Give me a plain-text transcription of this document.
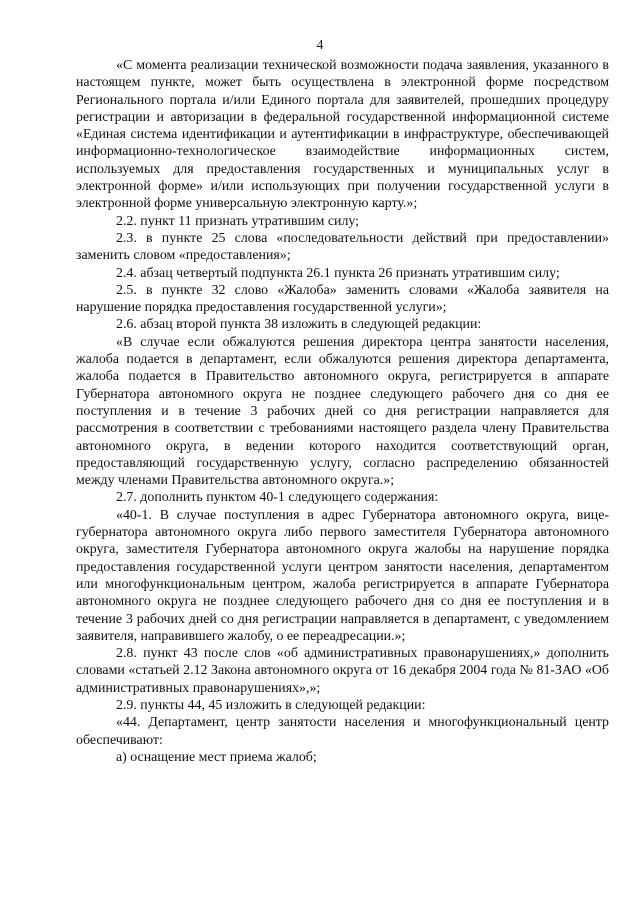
4

«С момента реализации технической возможности подача заявления, указанного в настоящем пункте, может быть осуществлена в электронной форме посредством Регионального портала и/или Единого портала для заявителей, прошедших процедуру регистрации и авторизации в федеральной государственной информационной системе «Единая система идентификации и аутентификации в инфраструктуре, обеспечивающей информационно-технологическое взаимодействие информационных систем, используемых для предоставления государственных и муниципальных услуг в электронной форме» и/или использующих при получении государственной услуги в электронной форме универсальную электронную карту.»;

2.2. пункт 11 признать утратившим силу;

2.3. в пункте 25 слова «последовательности действий при предоставлении» заменить словом «предоставления»;

2.4. абзац четвертый подпункта 26.1 пункта 26 признать утратившим силу;

2.5. в пункте 32 слово «Жалоба» заменить словами «Жалоба заявителя на нарушение порядка предоставления государственной услуги»;

2.6. абзац второй пункта 38 изложить в следующей редакции:

«В случае если обжалуются решения директора центра занятости населения, жалоба подается в департамент, если обжалуются решения директора департамента, жалоба подается в Правительство автономного округа, регистрируется в аппарате Губернатора автономного округа не позднее следующего рабочего дня со дня ее поступления и в течение 3 рабочих дней со дня регистрации направляется для рассмотрения в соответствии с требованиями настоящего раздела члену Правительства автономного округа, в ведении которого находится соответствующий орган, предоставляющий государственную услугу, согласно распределению обязанностей между членами Правительства автономного округа.»;

2.7. дополнить пунктом 40-1 следующего содержания:

«40-1. В случае поступления в адрес Губернатора автономного округа, вице-губернатора автономного округа либо первого заместителя Губернатора автономного округа, заместителя Губернатора автономного округа жалобы на нарушение порядка предоставления государственной услуги центром занятости населения, департаментом или многофункциональным центром, жалоба регистрируется в аппарате Губернатора автономного округа не позднее следующего рабочего дня со дня ее поступления и в течение 3 рабочих дней со дня регистрации направляется в департамент, с уведомлением заявителя, направившего жалобу, о ее переадресации.»;

2.8. пункт 43 после слов «об административных правонарушениях,» дополнить словами «статьей 2.12 Закона автономного округа от 16 декабря 2004 года № 81-ЗАО «Об административных правонарушениях»,»;

2.9. пункты 44, 45 изложить в следующей редакции:

«44. Департамент, центр занятости населения и многофункциональный центр обеспечивают:

а) оснащение мест приема жалоб;
